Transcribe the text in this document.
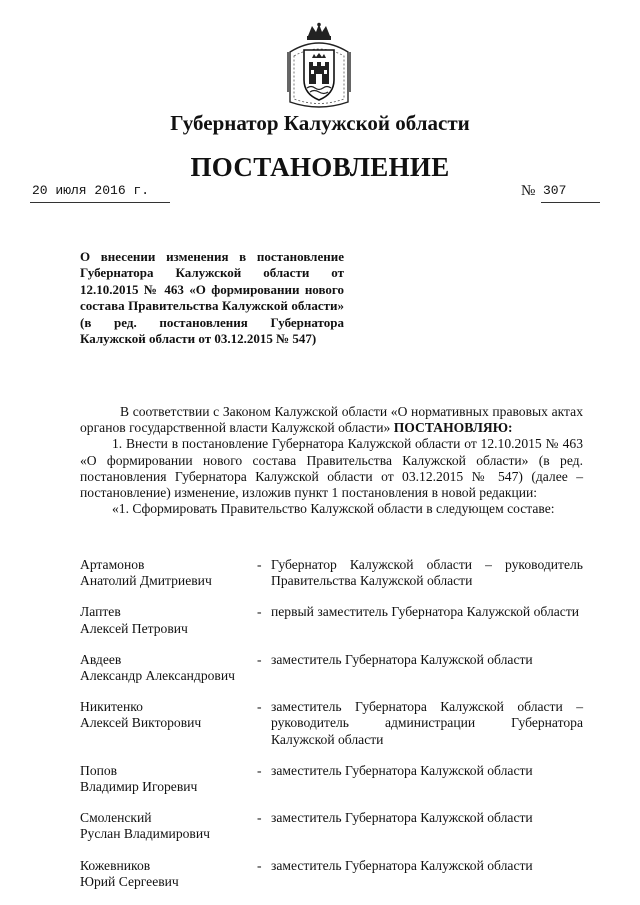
Губернатор Калужской области
ПОСТАНОВЛЕНИЕ
20 июля 2016 г.	№ 307
О внесении изменения в постановление Губернатора Калужской области от 12.10.2015 № 463 «О формировании нового состава Правительства Калужской области» (в ред. постановления Губернатора Калужской области от 03.12.2015 № 547)

В соответствии с Законом Калужской области «О нормативных правовых актах органов государственной власти Калужской области» ПОСТАНОВЛЯЮ:

1. Внести в постановление Губернатора Калужской области от 12.10.2015 № 463 «О формировании нового состава Правительства Калужской области» (в ред. постановления Губернатора Калужской области от 03.12.2015 № 547) (далее – постановление) изменение, изложив пункт 1 постановления в новой редакции:

«1. Сформировать Правительство Калужской области в следующем составе:

Артамонов
Анатолий Дмитриевич
- Губернатор Калужской области – руководитель Правительства Калужской области
Лаптев
Алексей Петрович
- первый заместитель Губернатора Калужской области
Авдеев
Александр Александрович
- заместитель Губернатора Калужской области
Никитенко
Алексей Викторович
- заместитель Губернатора Калужской области – руководитель администрации Губернатора Калужской области
Попов
Владимир Игоревич
- заместитель Губернатора Калужской области
Смоленский
Руслан Владимирович
- заместитель Губернатора Калужской области
Кожевников
Юрий Сергеевич
- заместитель Губернатора Калужской области
